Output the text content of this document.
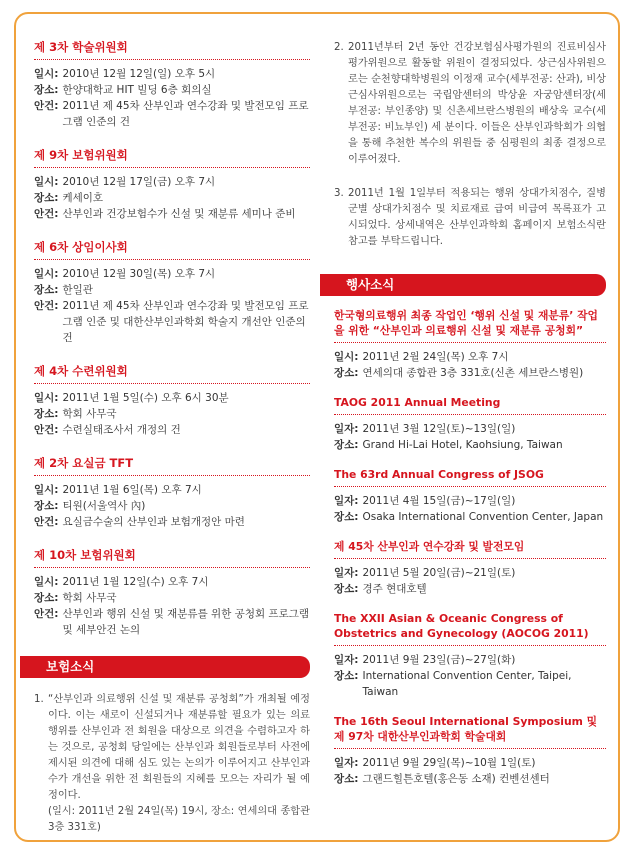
제 3차 학술위원회
일시: 2010년 12월 12일(일) 오후 5시
장소: 한양대학교 HIT 빌딩 6층 회의실
안건: 2011년 제 45차 산부인과 연수강좌 및 발전모임 프로그램 인준의 건
제 9차 보험위원회
일시: 2010년 12월 17일(금) 오후 7시
장소: 케세이호
안건: 산부인과 건강보험수가 신설 및 재분류 세미나 준비
제 6차 상임이사회
일시: 2010년 12월 30일(목) 오후 7시
장소: 한일관
안건: 2011년 제 45차 산부인과 연수강좌 및 발전모임 프로그램 인준 및 대한산부인과학회 학술지 개선안 인준의 건
제 4차 수련위원회
일시: 2011년 1월 5일(수) 오후 6시 30분
장소: 학회 사무국
안건: 수련실태조사서 개정의 건
제 2차 요실금 TFT
일시: 2011년 1월 6일(목) 오후 7시
장소: 티원(서울역사 內)
안건: 요실금수술의 산부인과 보험개정안 마련
제 10차 보험위원회
일시: 2011년 1월 12일(수) 오후 7시
장소: 학회 사무국
안건: 산부인과 행위 신설 및 재분류를 위한 공청회 프로그램 및 세부안건 논의
보험소식
1. “산부인과 의료행위 신설 및 재분류 공청회”가 개최될 예정이다. 이는 새로이 신설되거나 재분류할 필요가 있는 의료행위를 산부인과 전 회원을 대상으로 의견을 수렴하고자 하는 것으로, 공청회 당일에는 산부인과 회원들로부터 사전에 제시된 의견에 대해 심도 있는 논의가 이루어지고 산부인과 수가 개선을 위한 전 회원들의 지혜를 모으는 자리가 될 예정이다.
(일시: 2011년 2월 24일(목) 19시, 장소: 연세의대 종합관 3층 331호)
2. 2011년부터 2년 동안 건강보험심사평가원의 진료비심사평가위원으로 활동할 위원이 결정되었다. 상근심사위원으로는 순천향대학병원의 이정재 교수(세부전공: 산과), 비상근심사위원으로는 국립암센터의 박상윤 자궁암센터장(세부전공: 부인종양) 및 신촌세브란스병원의 배상욱 교수(세부전공: 비뇨부인) 세 분이다. 이들은 산부인과학회가 의협을 통해 추천한 복수의 위원들 중 심평원의 최종 결정으로 이루어졌다.
3. 2011년 1월 1일부터 적용되는 행위 상대가치점수, 질병군별 상대가치점수 및 치료재료 급여 비급여 목록표가 고시되었다. 상세내역은 산부인과학회 홈페이지 보험소식란 참고를 부탁드립니다.
행사소식
한국형의료행위 최종 작업인 ‘행위 신설 및 재분류’ 작업을 위한 “산부인과 의료행위 신설 및 재분류 공청회”
일시: 2011년 2월 24일(목) 오후 7시
장소: 연세의대 종합관 3층 331호(신촌 세브란스병원)
TAOG 2011 Annual Meeting
일자: 2011년 3월 12일(토)~13일(일)
장소: Grand Hi-Lai Hotel, Kaohsiung, Taiwan
The 63rd Annual Congress of JSOG
일자: 2011년 4월 15일(금)~17일(일)
장소: Osaka International Convention Center, Japan
제 45차 산부인과 연수강좌 및 발전모임
일자: 2011년 5월 20일(금)~21일(토)
장소: 경주 현대호텔
The XXII Asian & Oceanic Congress of Obstetrics and Gynecology (AOCOG 2011)
일자: 2011년 9월 23일(금)~27일(화)
장소: International Convention Center, Taipei, Taiwan
The 16th Seoul International Symposium 및 제 97차 대한산부인과학회 학술대회
일자: 2011년 9월 29일(목)~10월 1일(토)
장소: 그랜드힐튼호텔(홍은동 소재) 컨벤션센터
